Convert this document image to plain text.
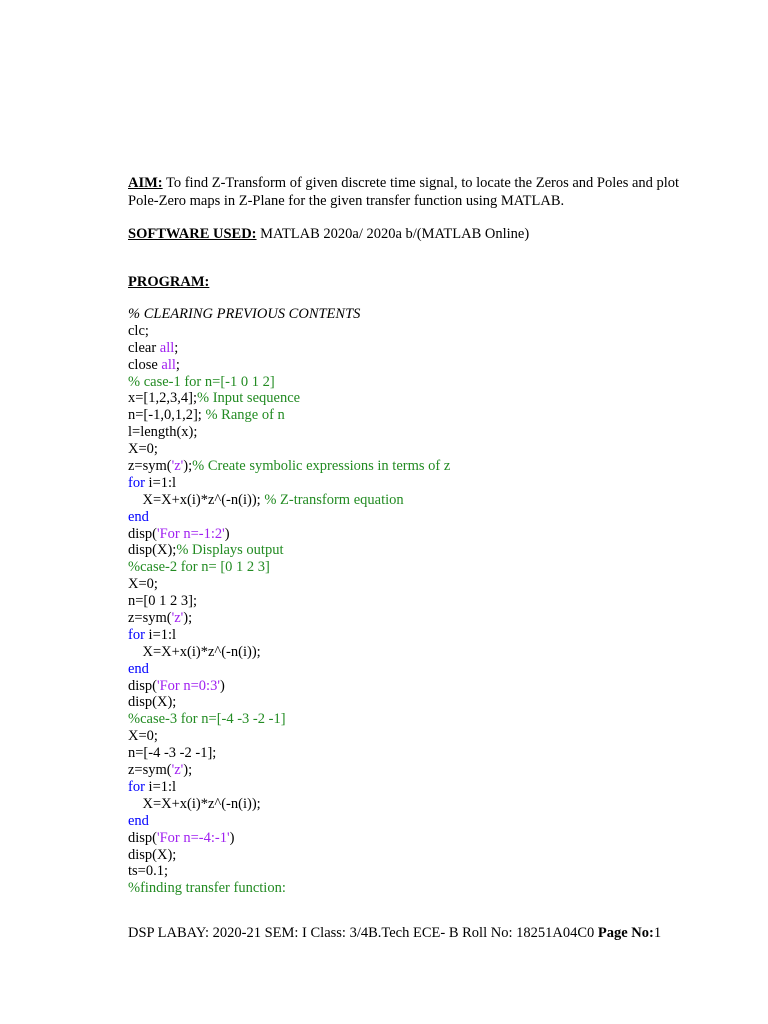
AIM: To find Z-Transform of given discrete time signal, to locate the Zeros and Poles and plot
Pole-Zero maps in Z-Plane for the given transfer function using MATLAB.
SOFTWARE USED: MATLAB 2020a/ 2020a b/(MATLAB Online)
PROGRAM:
% CLEARING PREVIOUS CONTENTS
clc;
clear all;
close all;
% case-1 for n=[-1 0 1 2]
x=[1,2,3,4];% Input sequence
n=[-1,0,1,2]; % Range of n
l=length(x);
X=0;
z=sym('z');% Create symbolic expressions in terms of z
for i=1:l
X=X+x(i)*z^(-n(i)); % Z-transform equation
end
disp('For n=-1:2')
disp(X);% Displays output
%case-2 for n= [0 1 2 3]
X=0;
n=[0 1 2 3];
z=sym('z');
for i=1:l
X=X+x(i)*z^(-n(i));
end
disp('For n=0:3')
disp(X);
%case-3 for n=[-4 -3 -2 -1]
X=0;
n=[-4 -3 -2 -1];
z=sym('z');
for i=1:l
X=X+x(i)*z^(-n(i));
end
disp('For n=-4:-1')
disp(X);
ts=0.1;
%finding transfer function:
DSP LABAY: 2020-21 SEM: I Class: 3/4B.Tech ECE- B Roll No: 18251A04C0 Page No:1
